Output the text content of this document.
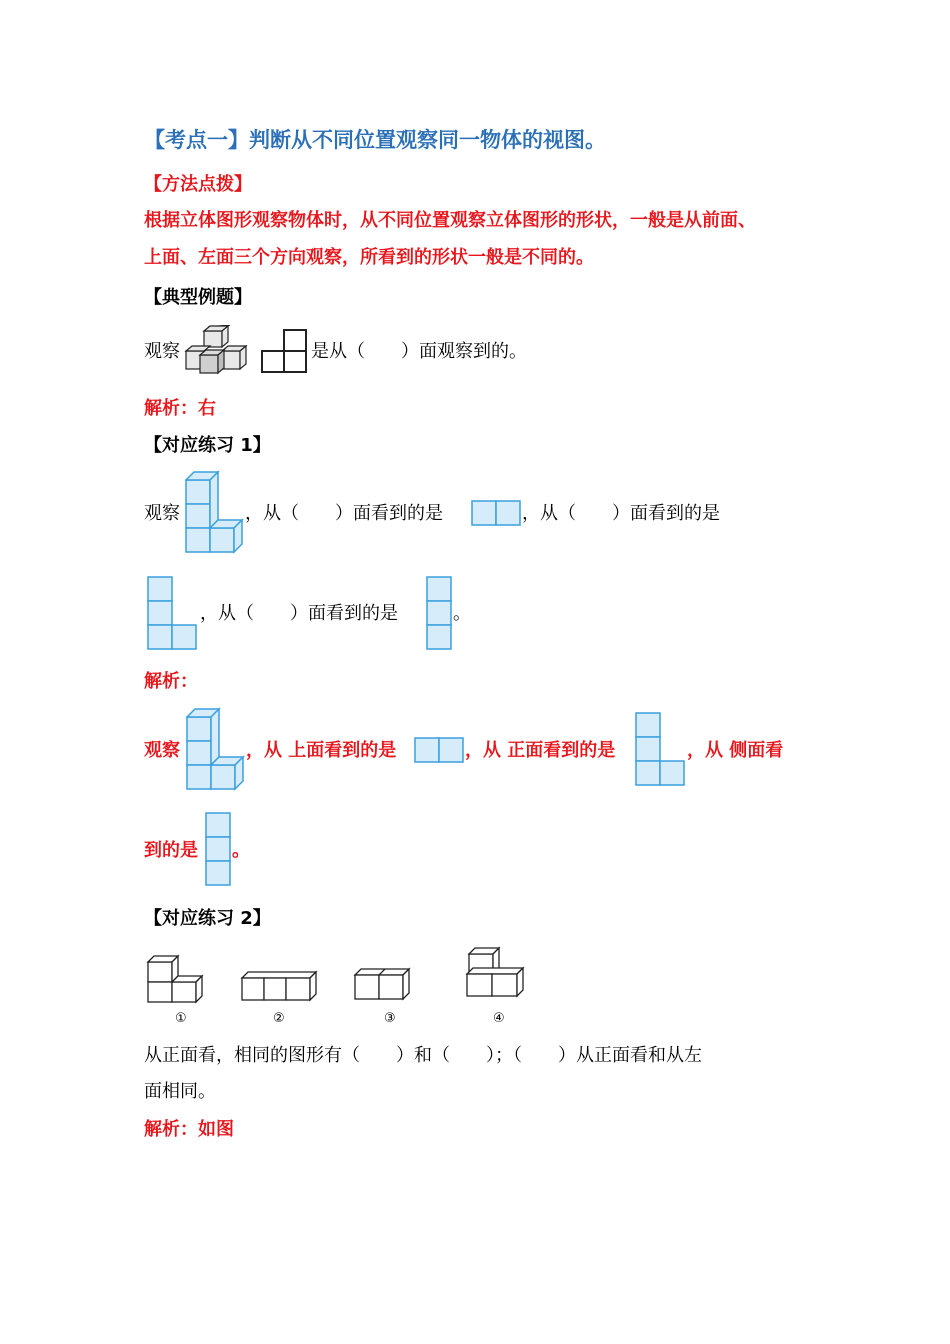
【考点一】判断从不同位置观察同一物体的视图。
【方法点拨】
根据立体图形观察物体时，从不同位置观察立体图形的形状，一般是从前面、
上面、左面三个方向观察，所看到的形状一般是不同的。
【典型例题】
观察	是从（　　）面观察到的。
解析：右
【对应练习 1】
观察	，从（　　）面看到的是	，从（　　）面看到的是
，从（　　）面看到的是	。
解析：
观察	，从 上面看到的是	，从 正面看到的是	，从 侧面看
到的是 。
【对应练习 2】
①	②	③	④
从正面看，相同的图形有（　　）和（　　）；（　　）从正面看和从左
面相同。
解析：如图
